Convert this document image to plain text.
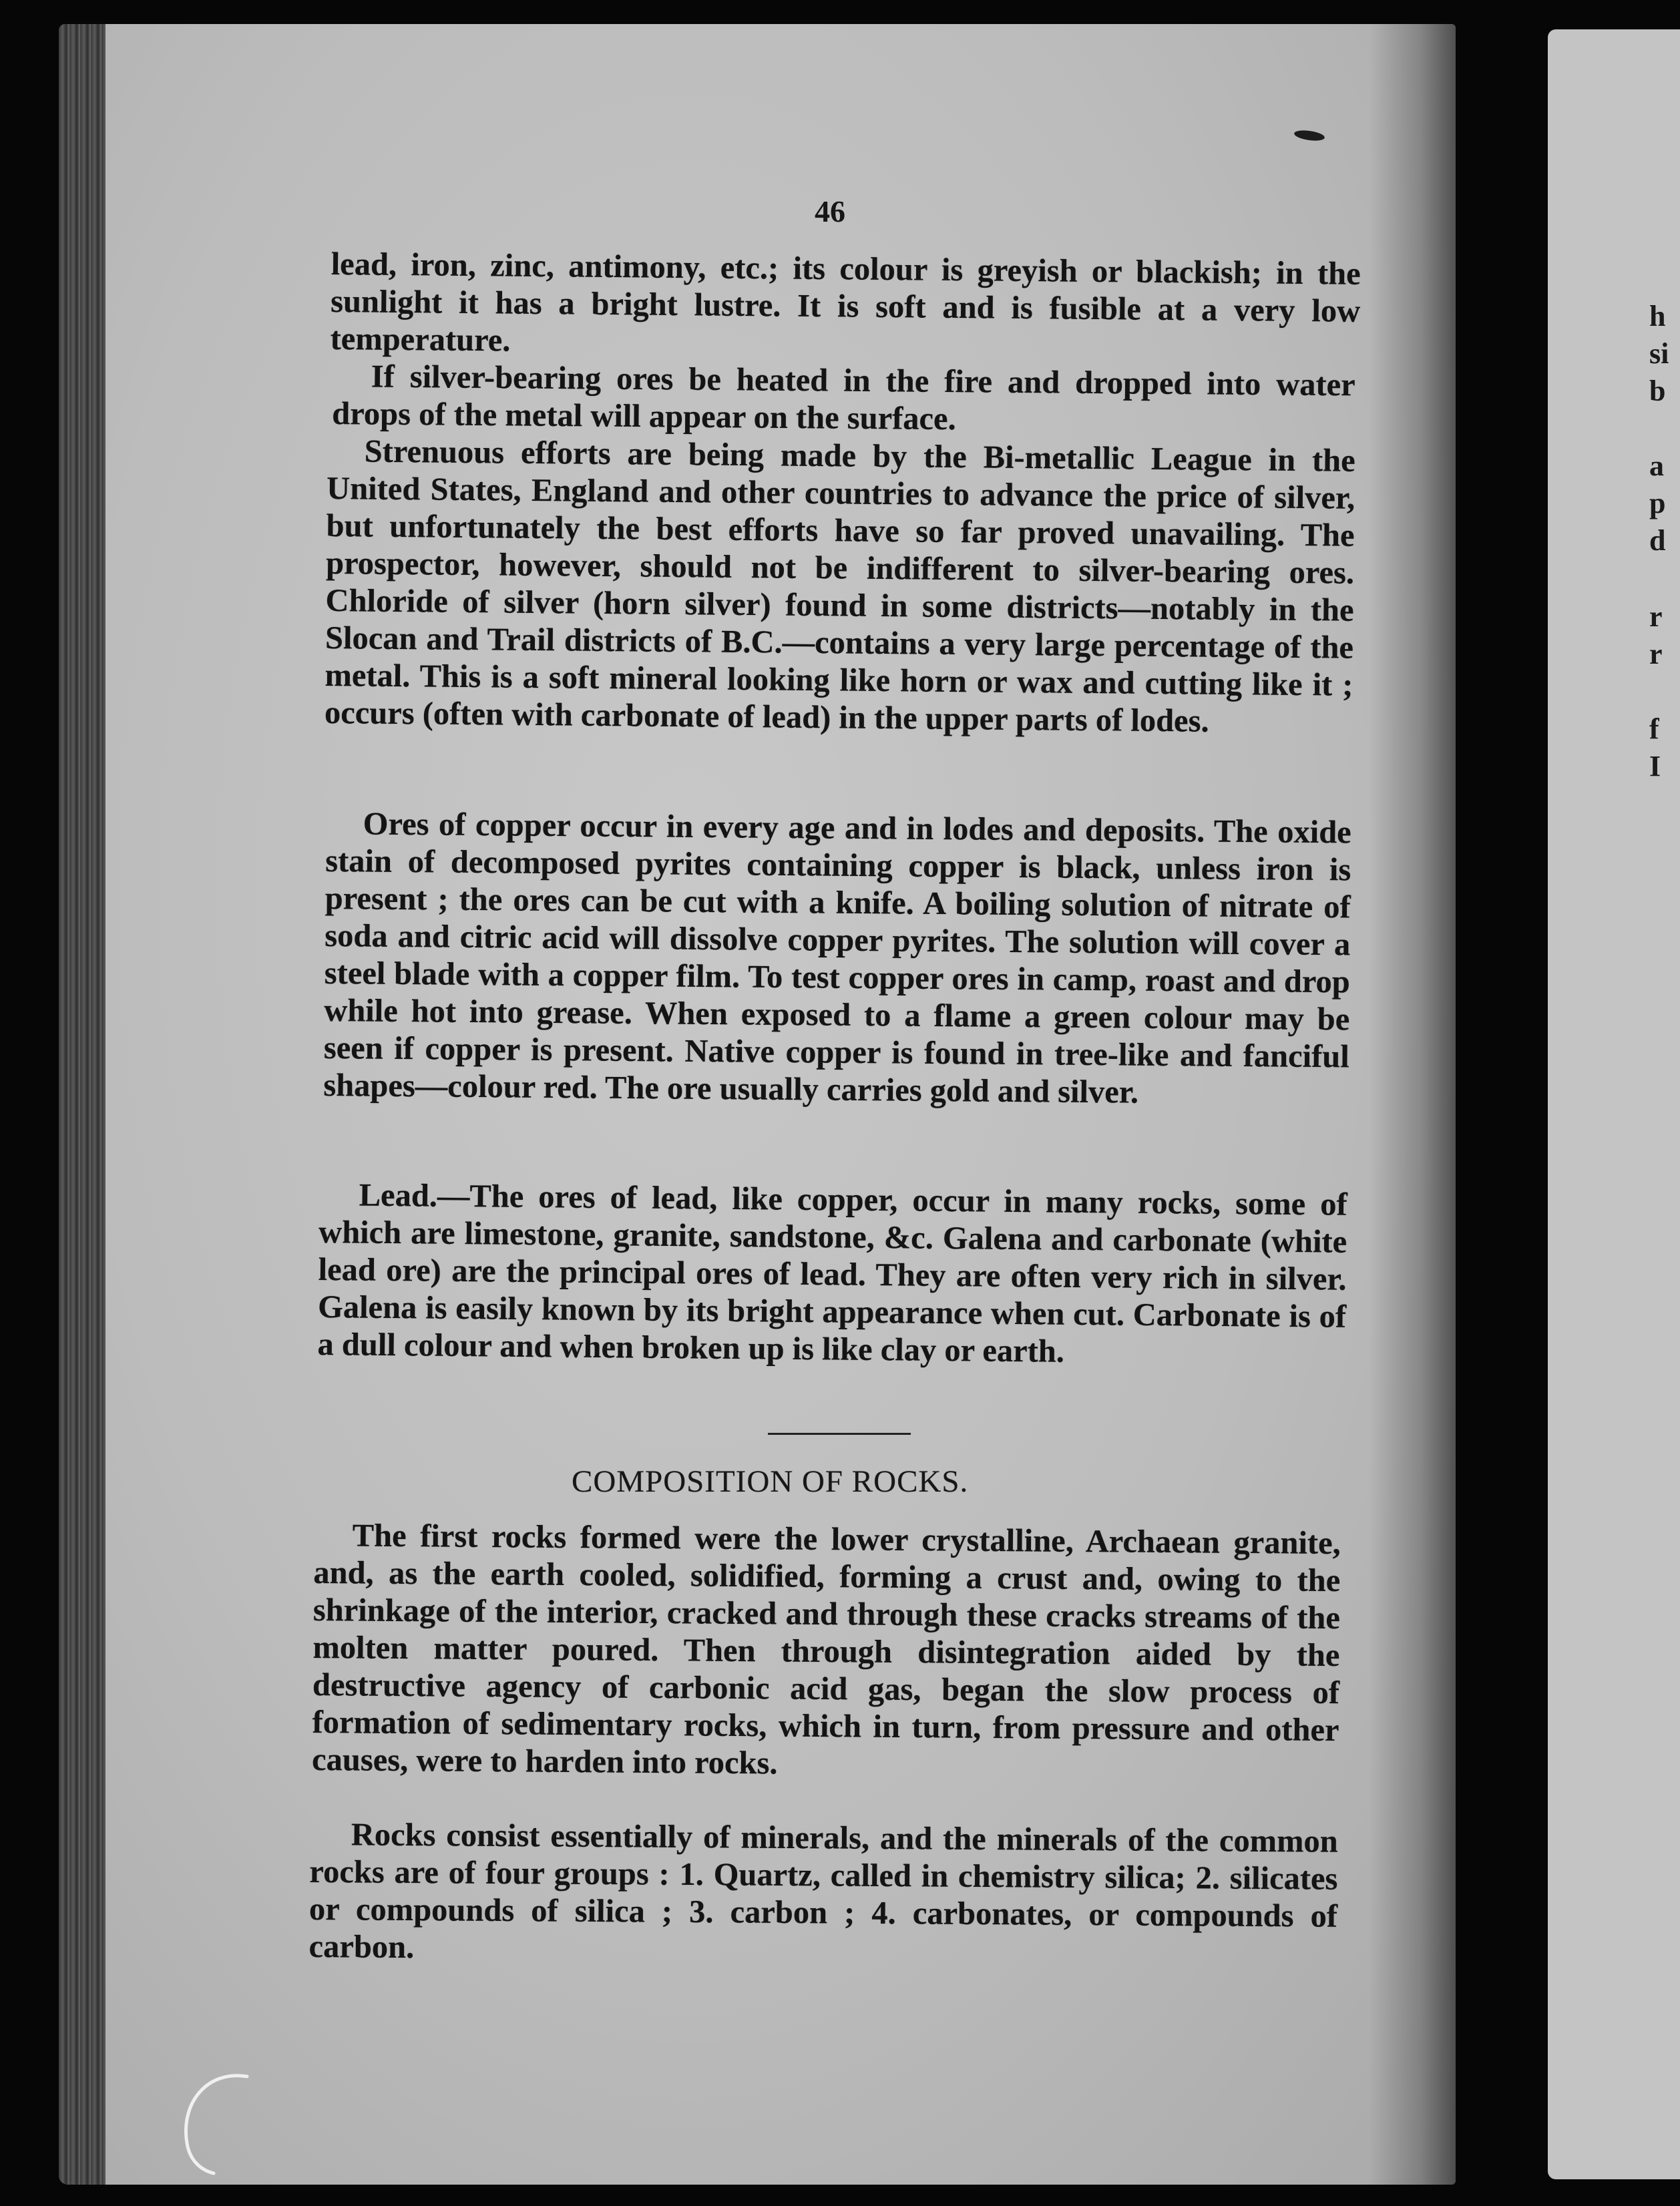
h
si
b
a
p
d
r
r
f
I
46

lead, iron, zinc, antimony, etc.; its colour is greyish or blackish; in the sunlight it has a bright lustre. It is soft and is fusible at a very low temperature.

If silver-bearing ores be heated in the fire and dropped into water drops of the metal will appear on the surface.

Strenuous efforts are being made by the Bi-metallic League in the United States, England and other countries to advance the price of silver, but unfortunately the best efforts have so far proved unavailing. The prospector, however, should not be indifferent to silver-bearing ores. Chloride of silver (horn silver) found in some districts—notably in the Slocan and Trail districts of B.C.—contains a very large percentage of the metal. This is a soft mineral looking like horn or wax and cutting like it ; occurs (often with carbonate of lead) in the upper parts of lodes.

Ores of copper occur in every age and in lodes and deposits. The oxide stain of decomposed pyrites containing copper is black, unless iron is present ; the ores can be cut with a knife. A boiling solution of nitrate of soda and citric acid will dissolve copper pyrites. The solution will cover a steel blade with a copper film. To test copper ores in camp, roast and drop while hot into grease. When exposed to a flame a green colour may be seen if copper is present. Native copper is found in tree-like and fanciful shapes—colour red. The ore usually carries gold and silver.

Lead.—The ores of lead, like copper, occur in many rocks, some of which are limestone, granite, sandstone, &c. Galena and carbonate (white lead ore) are the principal ores of lead. They are often very rich in silver. Galena is easily known by its bright appearance when cut. Carbonate is of a dull colour and when broken up is like clay or earth.

COMPOSITION OF ROCKS.

The first rocks formed were the lower crystalline, Archaean granite, and, as the earth cooled, solidified, forming a crust and, owing to the shrinkage of the interior, cracked and through these cracks streams of the molten matter poured. Then through disintegration aided by the destructive agency of carbonic acid gas, began the slow process of formation of sedimentary rocks, which in turn, from pressure and other causes, were to harden into rocks.

Rocks consist essentially of minerals, and the minerals of the common rocks are of four groups : 1. Quartz, called in chemistry silica; 2. silicates or compounds of silica ; 3. carbon ; 4. carbonates, or compounds of carbon.
